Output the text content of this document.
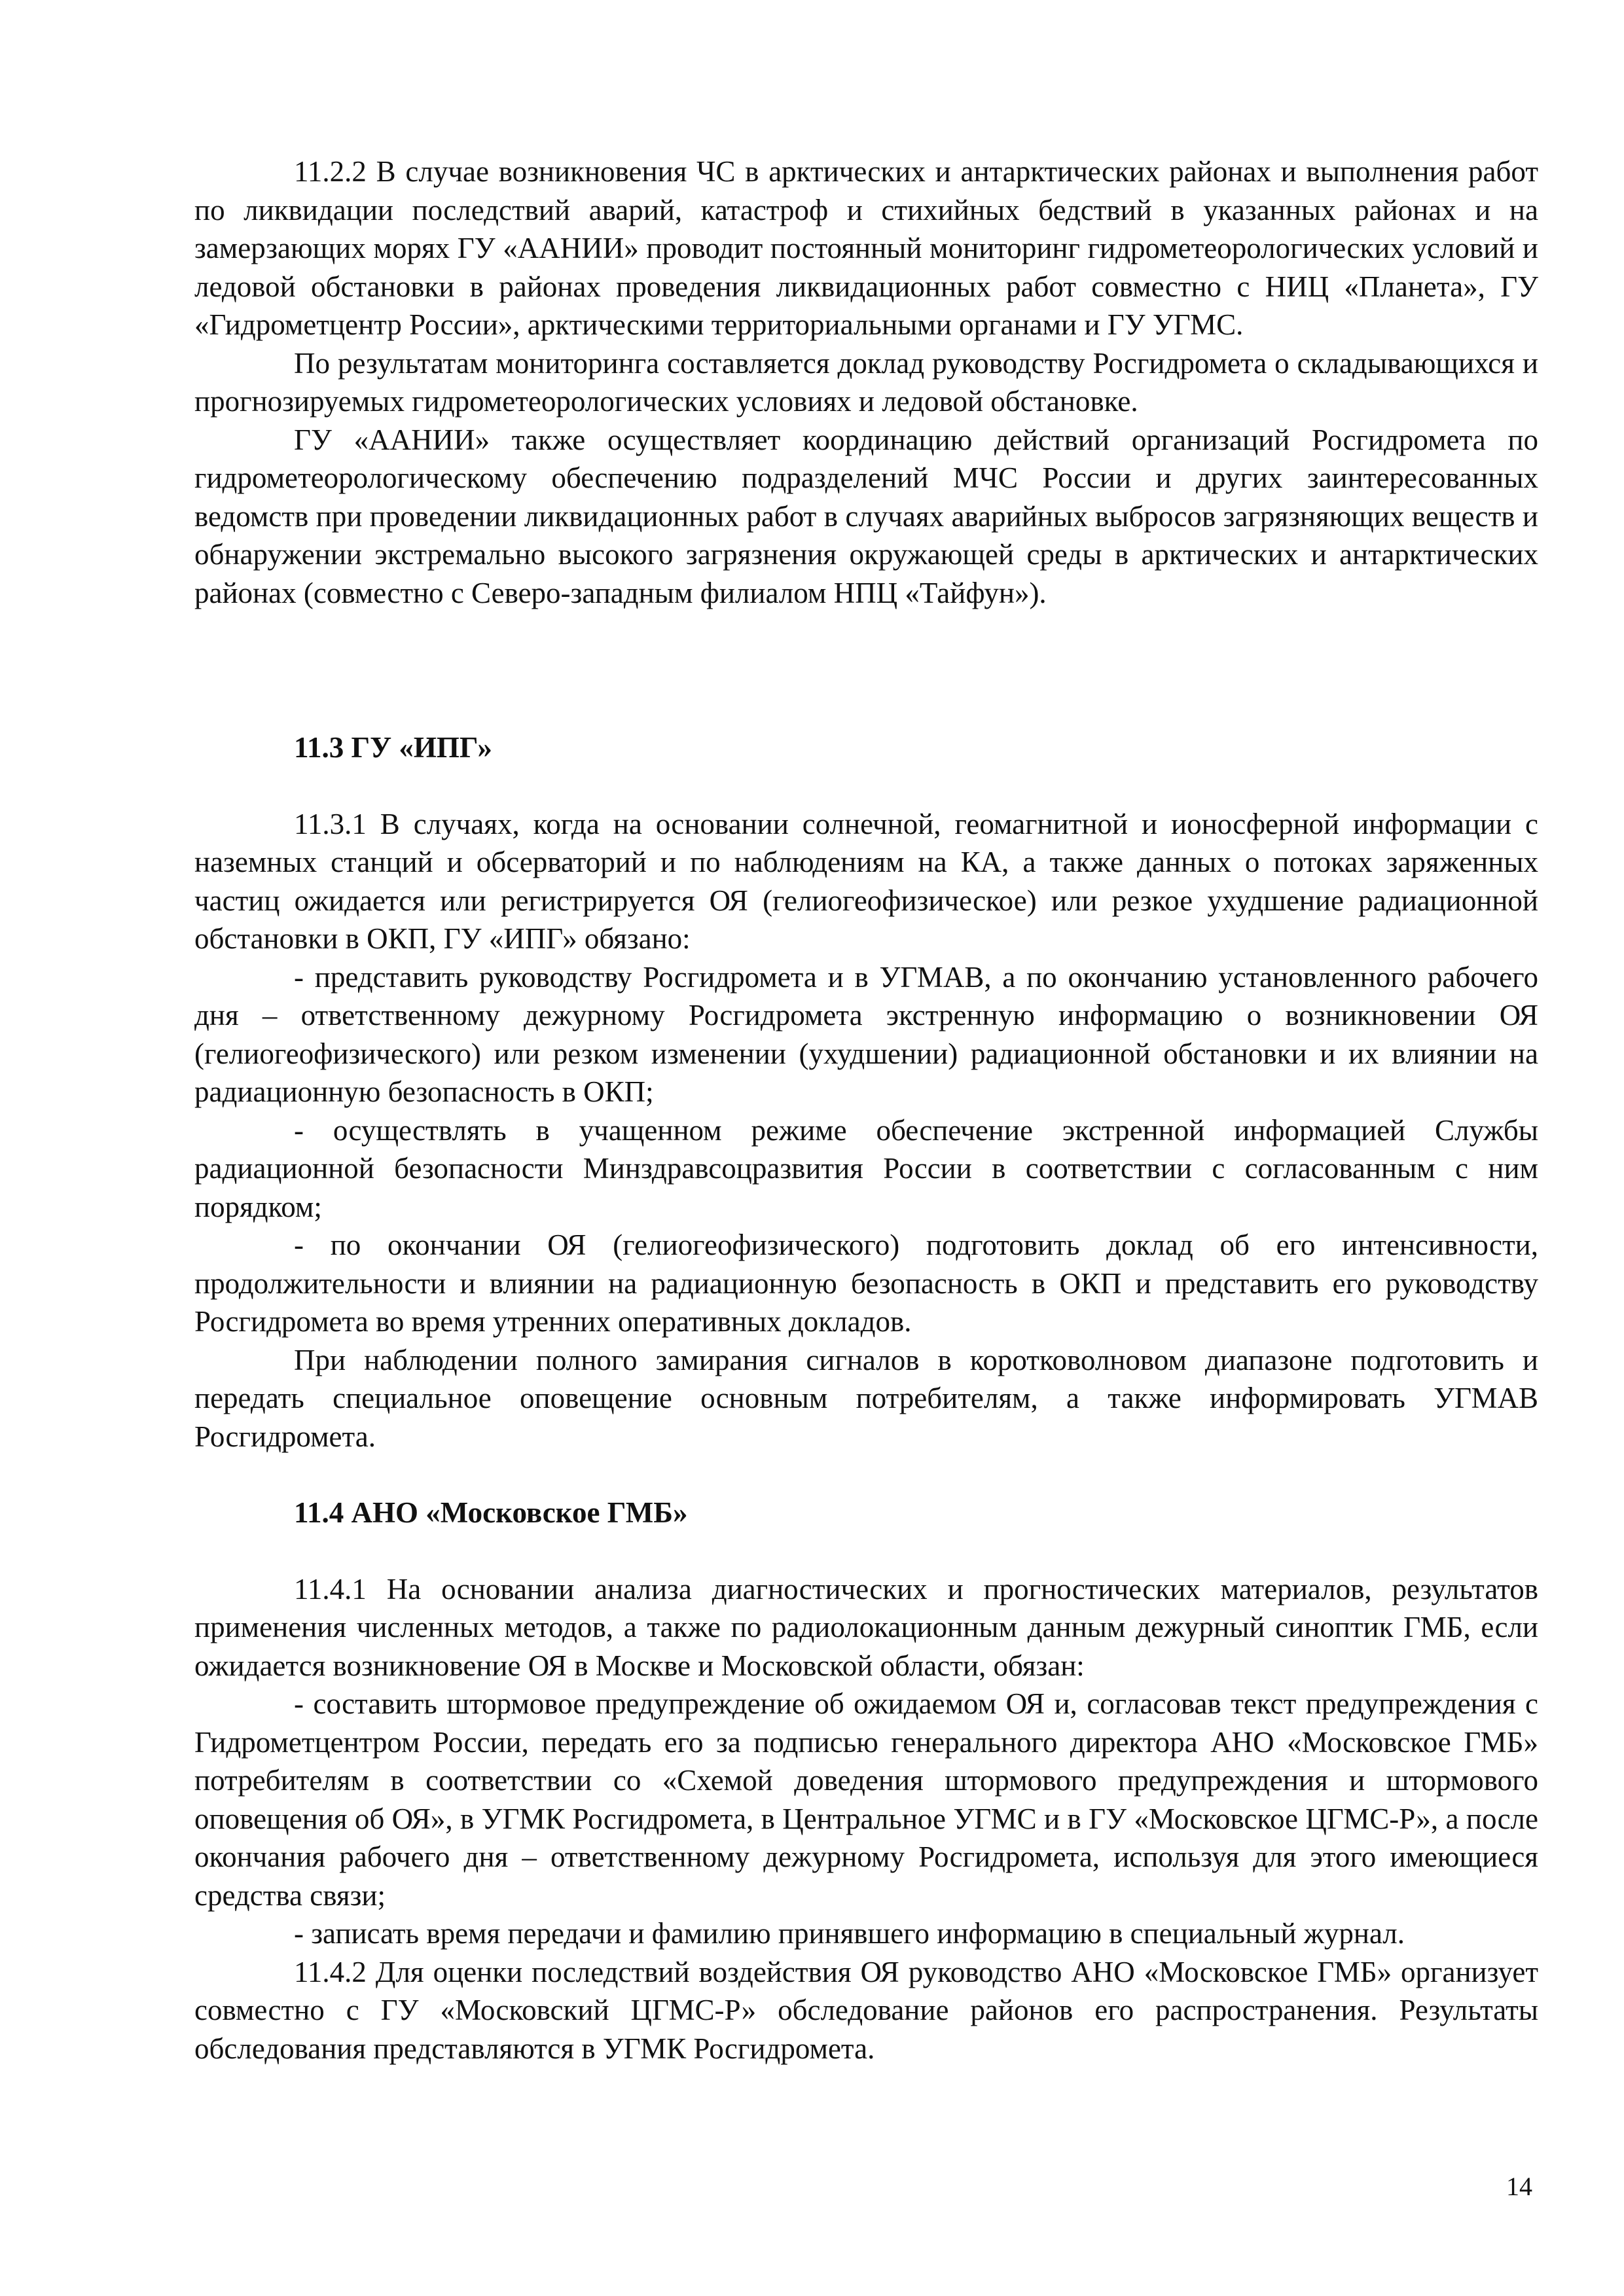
11.2.2 В случае возникновения ЧС в арктических и антарктических районах и выполнения работ по ликвидации последствий аварий, катастроф и стихийных бедствий в указанных районах и на замерзающих морях ГУ «ААНИИ» проводит постоянный мониторинг гидрометеорологических условий и ледовой обстановки в районах проведения ликвидационных работ совместно с НИЦ «Планета», ГУ «Гидрометцентр России», арктическими территориальными органами и ГУ УГМС.

По результатам мониторинга составляется доклад руководству Росгидромета о складывающихся и прогнозируемых гидрометеорологических условиях и ледовой обстановке.

ГУ «ААНИИ» также осуществляет координацию действий организаций Росгидромета по гидрометеорологическому обеспечению подразделений МЧС России и других заинтересованных ведомств при проведении ликвидационных работ в случаях аварийных выбросов загрязняющих веществ и обнаружении экстремально высокого загрязнения окружающей среды в арктических и антарктических районах (совместно с Северо-западным филиалом НПЦ «Тайфун»).

11.3 ГУ «ИПГ»

11.3.1 В случаях, когда на основании солнечной, геомагнитной и ионосферной информации с наземных станций и обсерваторий и по наблюдениям на КА, а также данных о потоках заряженных частиц ожидается или регистрируется ОЯ (гелиогеофизическое) или резкое ухудшение радиационной обстановки в ОКП, ГУ «ИПГ» обязано:

- представить руководству Росгидромета и в УГМАВ, а по окончанию установленного рабочего дня – ответственному дежурному Росгидромета экстренную информацию о возникновении ОЯ (гелиогеофизического) или резком изменении (ухудшении) радиационной обстановки и их влиянии на радиационную безопасность в ОКП;

- осуществлять в учащенном режиме обеспечение экстренной информацией Службы радиационной безопасности Минздравсоцразвития России в соответствии с согласованным с ним порядком;

- по окончании ОЯ (гелиогеофизического) подготовить доклад об его интенсивности, продолжительности и влиянии на радиационную безопасность в ОКП и представить его руководству Росгидромета во время утренних оперативных докладов.

При наблюдении полного замирания сигналов в коротковолновом диапазоне подготовить и передать специальное оповещение основным потребителям, а также информировать УГМАВ Росгидромета.

11.4 АНО «Московское ГМБ»

11.4.1 На основании анализа диагностических и прогностических материалов, результатов применения численных методов, а также по радиолокационным данным дежурный синоптик ГМБ, если ожидается возникновение ОЯ в Москве и Московской области, обязан:

- составить штормовое предупреждение об ожидаемом ОЯ и, согласовав текст предупреждения с Гидрометцентром России, передать его за подписью генерального директора АНО «Московское ГМБ» потребителям в соответствии со «Схемой доведения штормового предупреждения и штормового оповещения об ОЯ», в УГМК Росгидромета, в Центральное УГМС и в ГУ «Московское ЦГМС-Р», а после окончания рабочего дня – ответственному дежурному Росгидромета, используя для этого имеющиеся средства связи;

- записать время передачи и фамилию принявшего информацию в специальный журнал.

11.4.2 Для оценки последствий воздействия ОЯ руководство АНО «Московское ГМБ» организует совместно с ГУ «Московский ЦГМС-Р» обследование районов его распространения. Результаты обследования представляются в УГМК Росгидромета.

14
